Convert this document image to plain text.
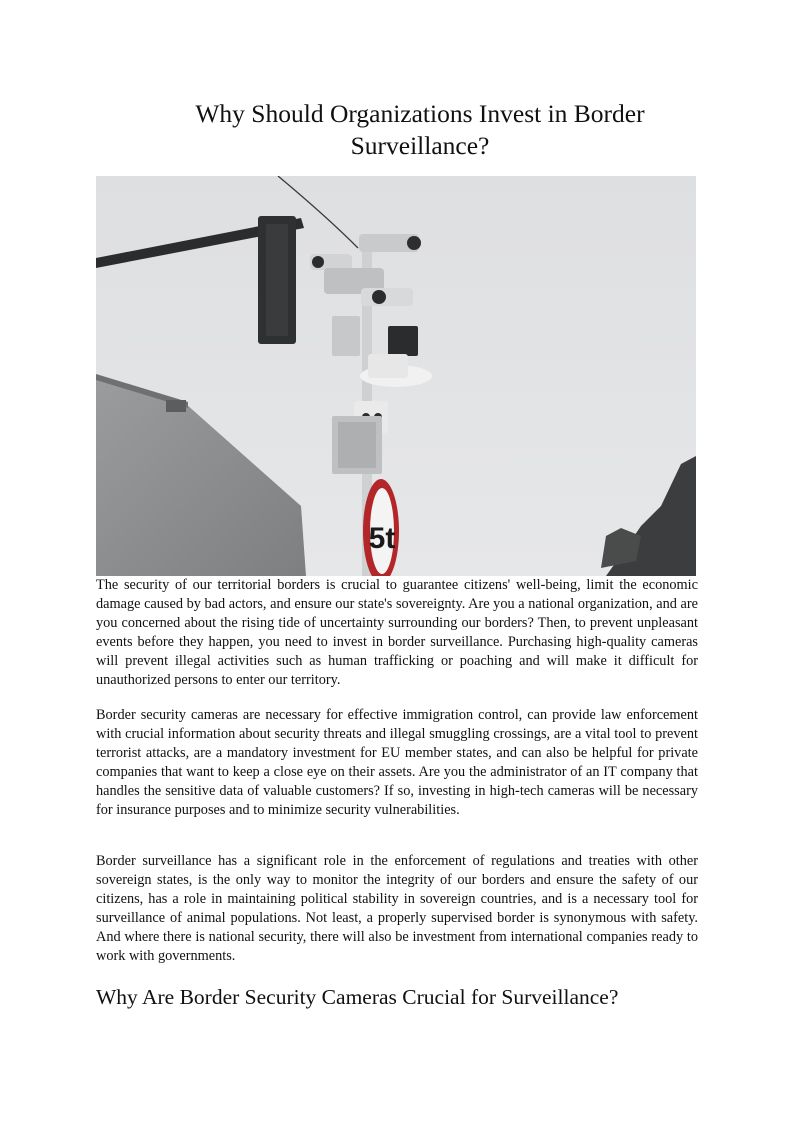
Why Should Organizations Invest in Border Surveillance?
5t

The security of our territorial borders is crucial to guarantee citizens' well-being, limit the economic damage caused by bad actors, and ensure our state's sovereignty. Are you a national organization, and are you concerned about the rising tide of uncertainty surrounding our borders? Then, to prevent unpleasant events before they happen, you need to invest in border surveillance. Purchasing high-quality cameras will prevent illegal activities such as human trafficking or poaching and will make it difficult for unauthorized persons to enter our territory.

Border security cameras are necessary for effective immigration control, can provide law enforcement with crucial information about security threats and illegal smuggling crossings, are a vital tool to prevent terrorist attacks, are a mandatory investment for EU member states, and can also be helpful for private companies that want to keep a close eye on their assets. Are you the administrator of an IT company that handles the sensitive data of valuable customers? If so, investing in high-tech cameras will be necessary for insurance purposes and to minimize security vulnerabilities.

Border surveillance has a significant role in the enforcement of regulations and treaties with other sovereign states, is the only way to monitor the integrity of our borders and ensure the safety of our citizens, has a role in maintaining political stability in sovereign countries, and is a necessary tool for surveillance of animal populations. Not least, a properly supervised border is synonymous with safety. And where there is national security, there will also be investment from international companies ready to work with governments.

Why Are Border Security Cameras Crucial for Surveillance?
